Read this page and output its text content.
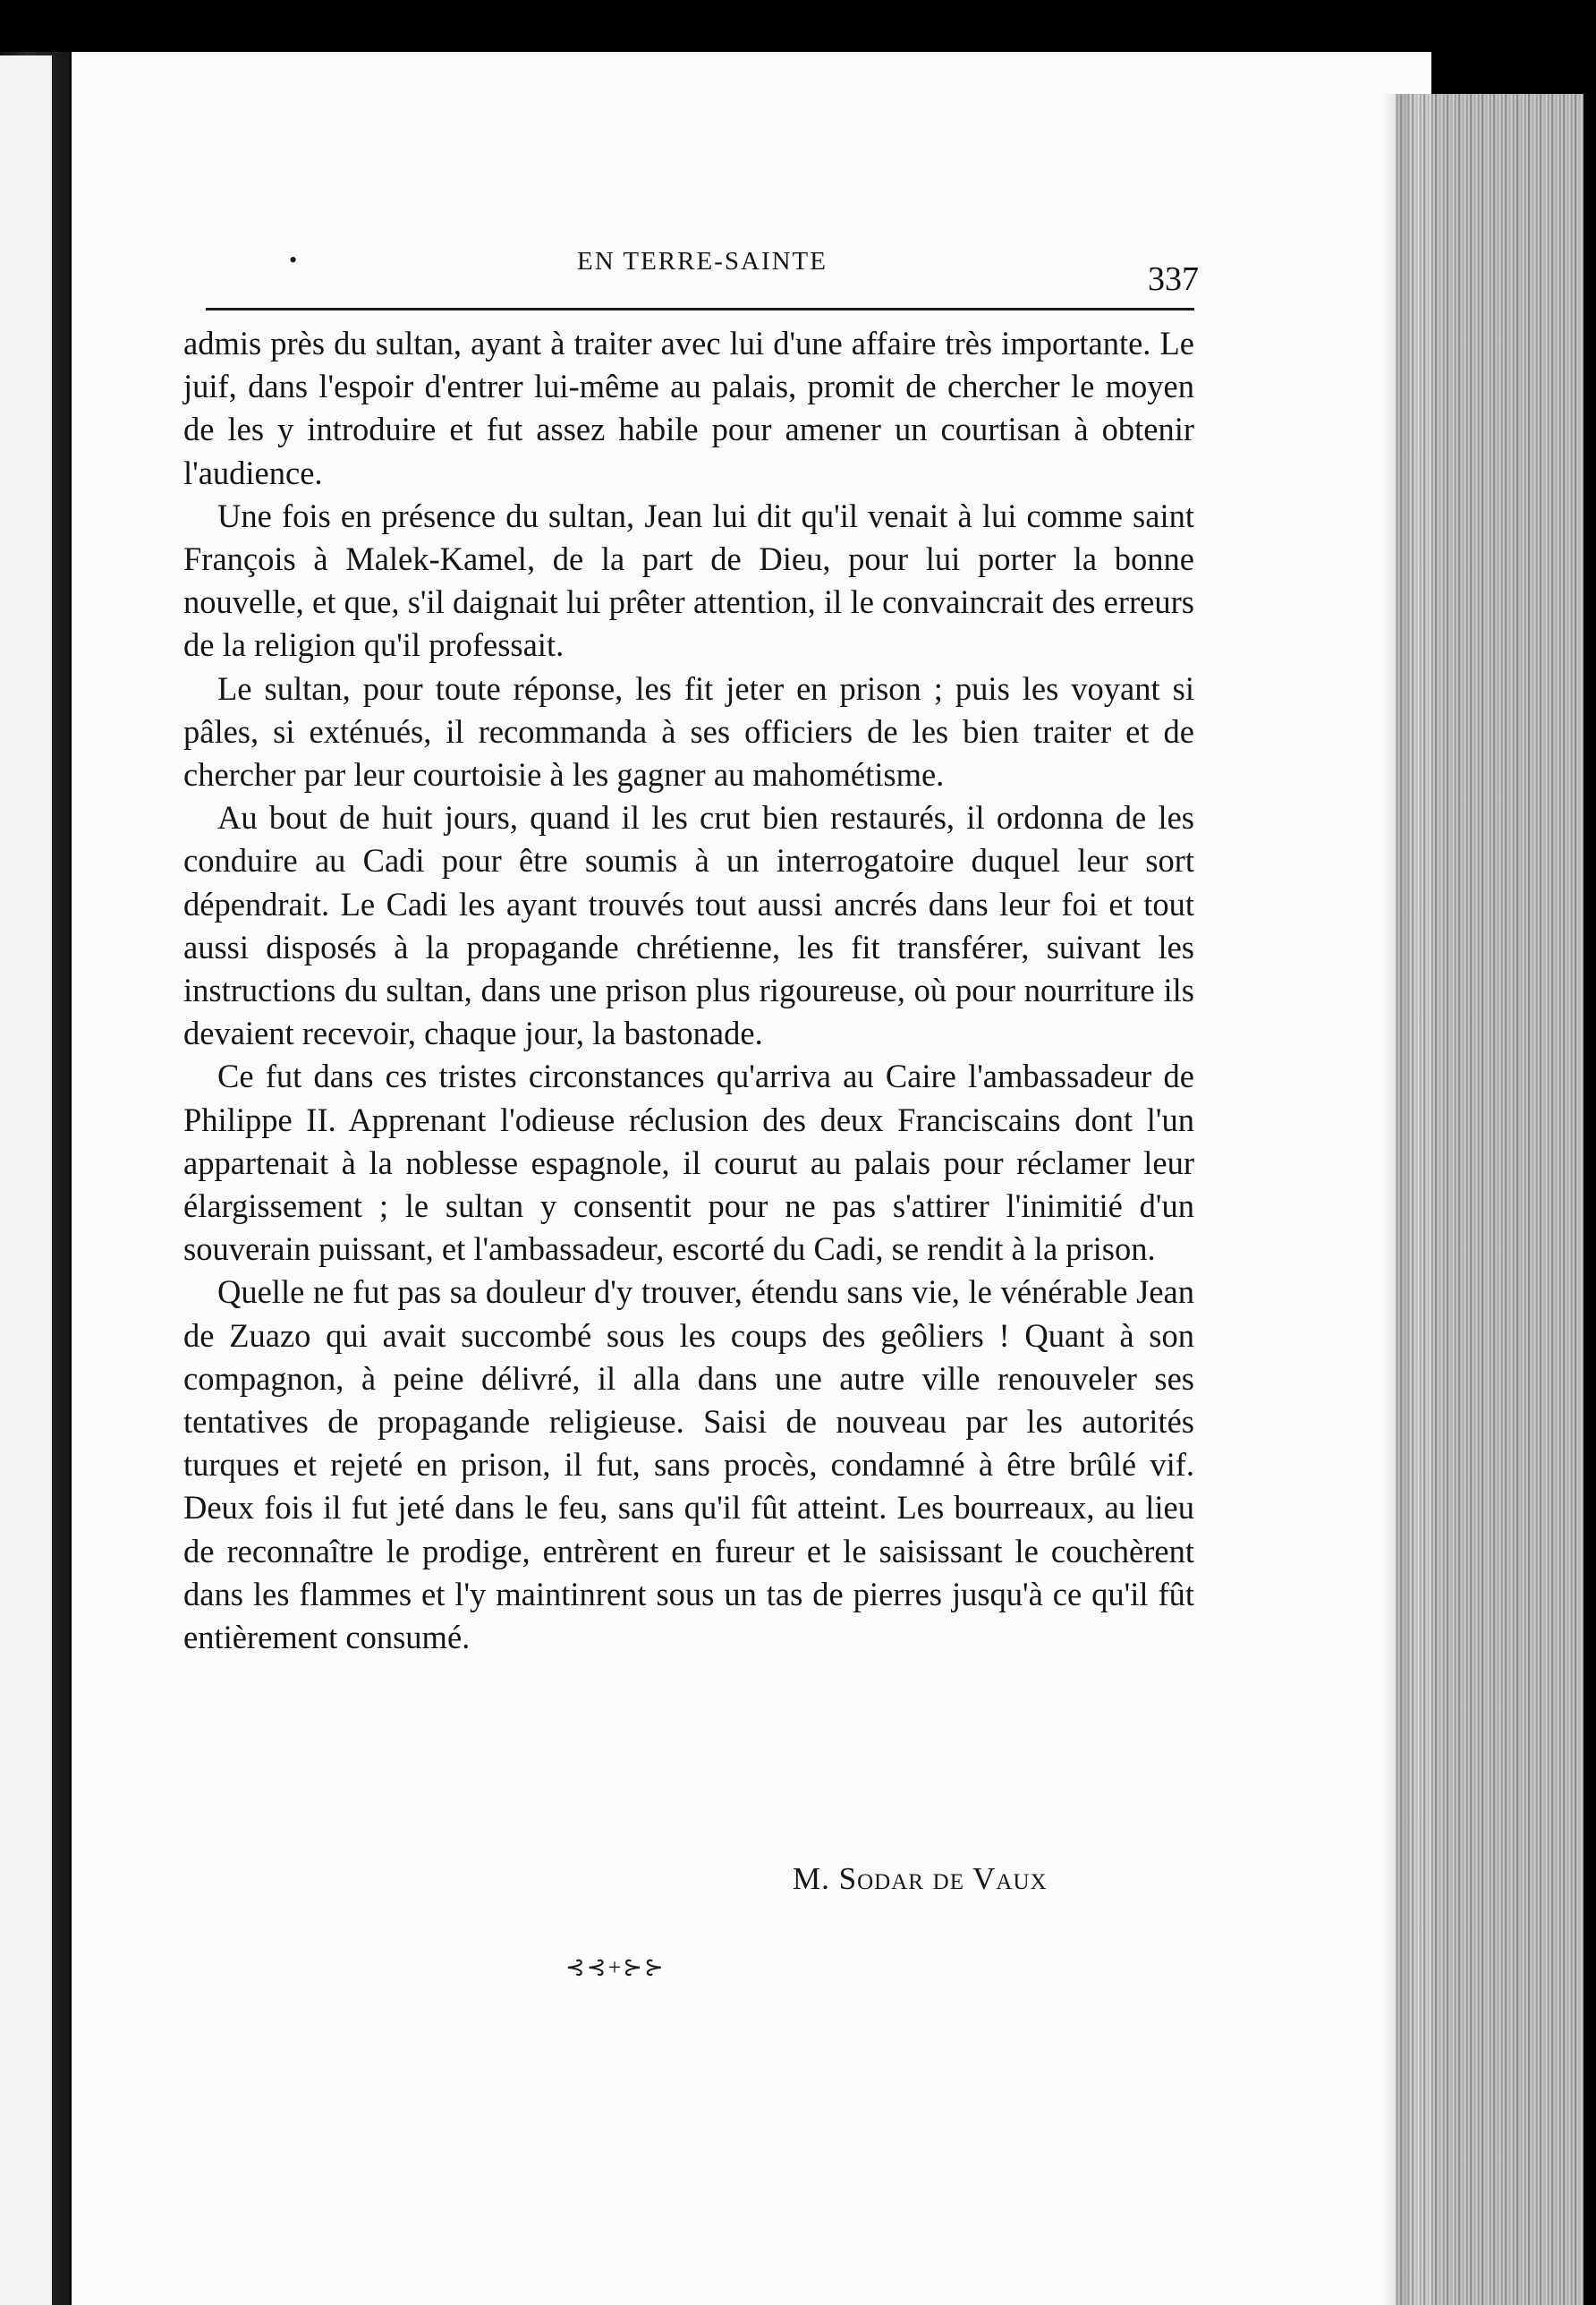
•	EN TERRE-SAINTE	337

admis près du sultan, ayant à traiter avec lui d'une affaire très importante. Le juif, dans l'espoir d'entrer lui-même au palais, promit de chercher le moyen de les y introduire et fut assez habile pour amener un courtisan à obtenir l'audience.

Une fois en présence du sultan, Jean lui dit qu'il venait à lui comme saint François à Malek-Kamel, de la part de Dieu, pour lui porter la bonne nouvelle, et que, s'il daignait lui prêter attention, il le convaincrait des erreurs de la religion qu'il professait.

Le sultan, pour toute réponse, les fit jeter en prison ; puis les voyant si pâles, si exténués, il recommanda à ses officiers de les bien traiter et de chercher par leur courtoisie à les gagner au mahométisme.

Au bout de huit jours, quand il les crut bien restaurés, il ordonna de les conduire au Cadi pour être soumis à un interrogatoire duquel leur sort dépendrait. Le Cadi les ayant trouvés tout aussi ancrés dans leur foi et tout aussi disposés à la propagande chrétienne, les fit transférer, suivant les instructions du sultan, dans une prison plus rigoureuse, où pour nourriture ils devaient recevoir, chaque jour, la bastonade.

Ce fut dans ces tristes circonstances qu'arriva au Caire l'ambassadeur de Philippe II. Apprenant l'odieuse réclusion des deux Franciscains dont l'un appartenait à la noblesse espagnole, il courut au palais pour réclamer leur élargissement ; le sultan y consentit pour ne pas s'attirer l'inimitié d'un souverain puissant, et l'ambassadeur, escorté du Cadi, se rendit à la prison.

Quelle ne fut pas sa douleur d'y trouver, étendu sans vie, le vénérable Jean de Zuazo qui avait succombé sous les coups des geôliers ! Quant à son compagnon, à peine délivré, il alla dans une autre ville renouveler ses tentatives de propagande religieuse. Saisi de nouveau par les autorités turques et rejeté en prison, il fut, sans procès, condamné à être brûlé vif. Deux fois il fut jeté dans le feu, sans qu'il fût atteint. Les bourreaux, au lieu de reconnaître le prodige, entrèrent en fureur et le saisissant le couchèrent dans les flammes et l'y maintinrent sous un tas de pierres jusqu'à ce qu'il fût entièrement consumé.

M. Sodar de Vaux
⊰⊰+⊱⊱
